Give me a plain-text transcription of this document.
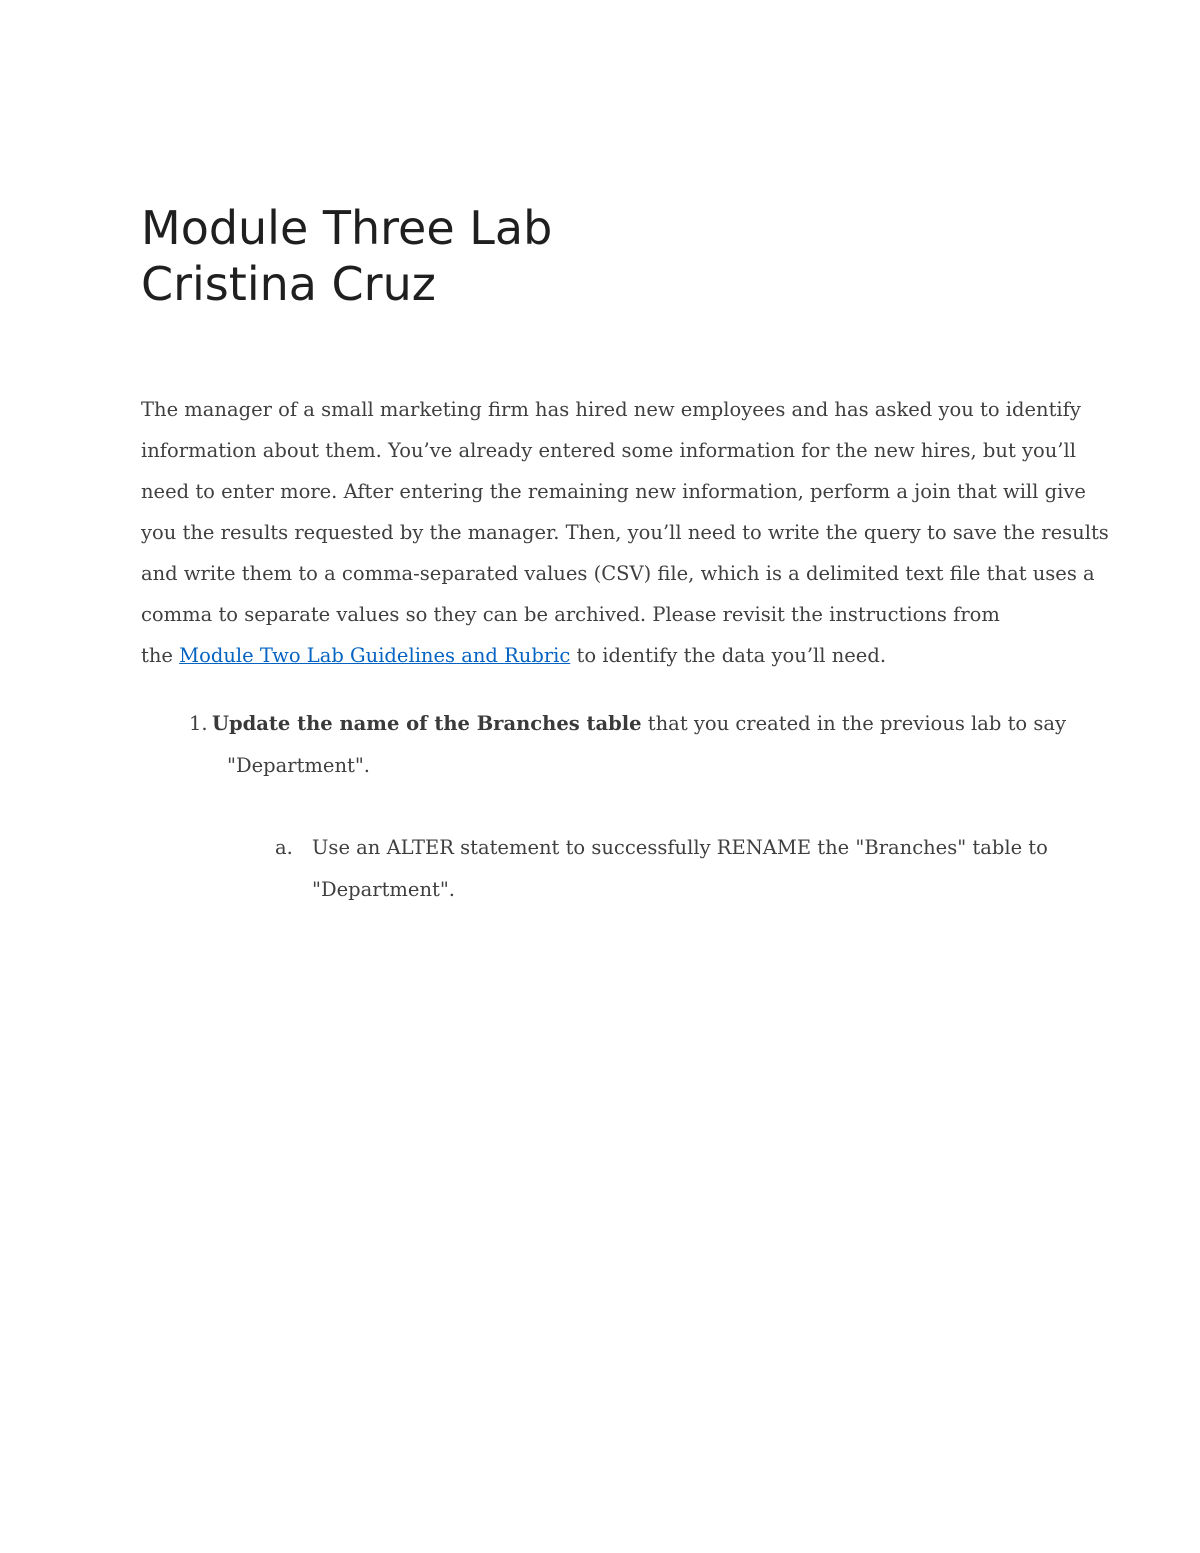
Module Three Lab
Cristina Cruz
The manager of a small marketing firm has hired new employees and has asked you to identify
information about them. You’ve already entered some information for the new hires, but you’ll
need to enter more. After entering the remaining new information, perform a join that will give
you the results requested by the manager. Then, you’ll need to write the query to save the results
and write them to a comma-separated values (CSV) file, which is a delimited text file that uses a
comma to separate values so they can be archived. Please revisit the instructions from
the Module Two Lab Guidelines and Rubric to identify the data you’ll need.
1. Update the name of the Branches table that you created in the previous lab to say
"Department".
a. Use an ALTER statement to successfully RENAME the "Branches" table to
"Department".
